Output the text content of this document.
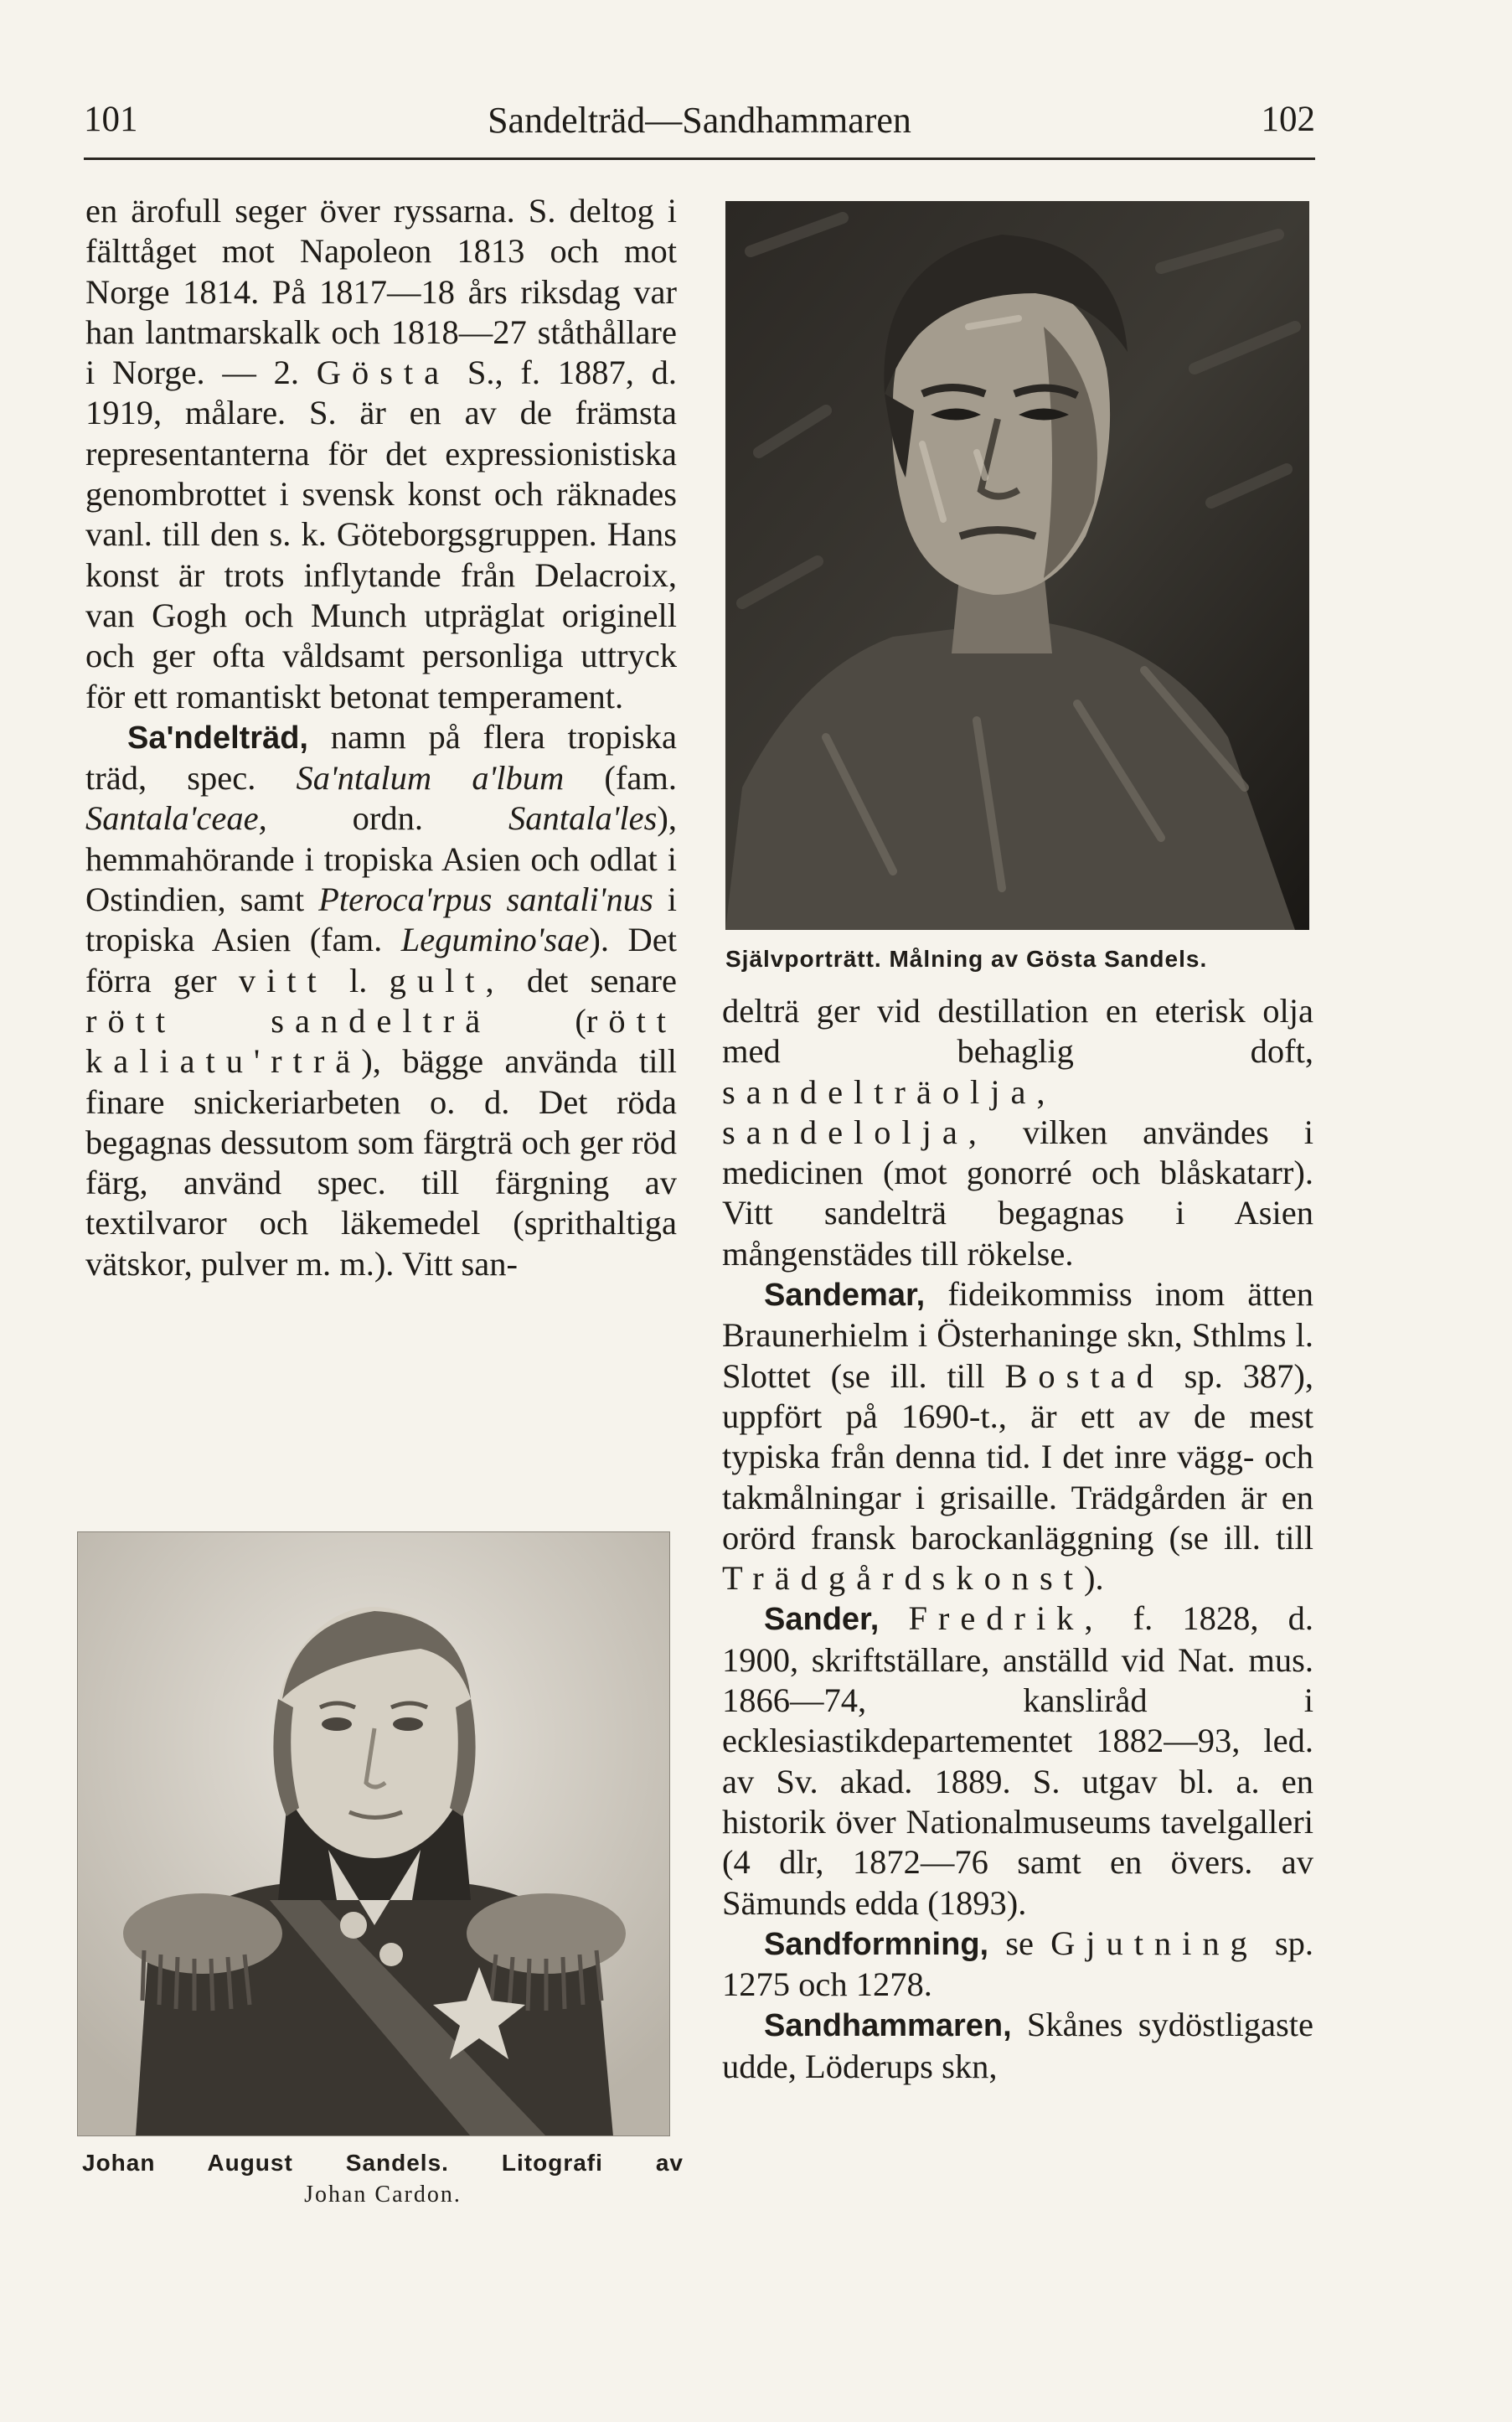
101	Sandelträd—Sandhammaren	102

en ärofull seger över ryssarna. S. deltog i fälttåget mot Napoleon 1813 och mot Norge 1814. På 1817—18 års riksdag var han lantmarskalk och 1818—27 ståthållare i Norge. — 2. Gösta S., f. 1887, d. 1919, målare. S. är en av de främsta representanterna för det expressionistiska genombrottet i svensk konst och räknades vanl. till den s. k. Göteborgsgruppen. Hans konst är trots inflytande från Delacroix, van Gogh och Munch utpräglat originell och ger ofta våldsamt personliga uttryck för ett romantiskt betonat temperament.

Sa'ndelträd, namn på flera tropiska träd, spec. Sa'ntalum a'lbum (fam. Santala'ceae, ordn. Santala'les), hemmahörande i tropiska Asien och odlat i Ostindien, samt Pteroca'rpus santali'nus i tropiska Asien (fam. Legumino'sae). Det förra ger vitt l. gult, det senare rött sandelträ (rött kaliatu'rträ), bägge använda till finare snickeriarbeten o. d. Det röda begagnas dessutom som färgträ och ger röd färg, använd spec. till färgning av textilvaror och läkemedel (sprithaltiga vätskor, pulver m. m.). Vitt san-

Johan August Sandels. Litografi av
Johan Cardon.
Självporträtt. Målning av Gösta Sandels.

delträ ger vid destillation en eterisk olja med behaglig doft, sandelträolja, sandelolja, vilken användes i medicinen (mot gonorré och blåskatarr). Vitt sandelträ begagnas i Asien mångenstädes till rökelse.

Sandemar, fideikommiss inom ätten Braunerhielm i Österhaninge skn, Sthlms l. Slottet (se ill. till Bostad sp. 387), uppfört på 1690-t., är ett av de mest typiska från denna tid. I det inre vägg- och takmålningar i grisaille. Trädgården är en orörd fransk barockanläggning (se ill. till Trädgårdskonst).

Sander, Fredrik, f. 1828, d. 1900, skriftställare, anställd vid Nat. mus. 1866—74, kansliråd i ecklesiastikdepartementet 1882—93, led. av Sv. akad. 1889. S. utgav bl. a. en historik över Nationalmuseums tavelgalleri (4 dlr, 1872—76 samt en övers. av Sämunds edda (1893).

Sandformning, se Gjutning sp. 1275 och 1278.

Sandhammaren, Skånes sydöstligaste udde, Löderups skn,
